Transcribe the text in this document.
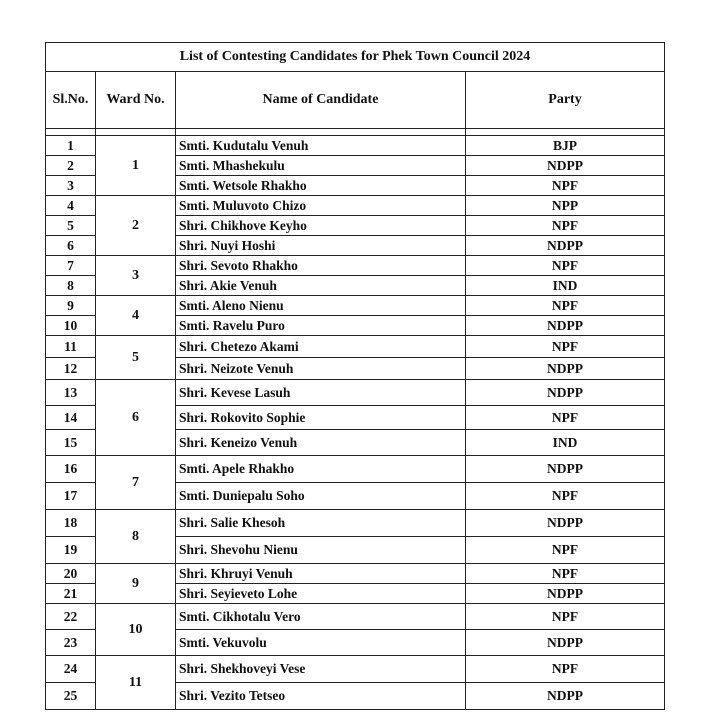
List of Contesting Candidates for Phek Town Council 2024			
Sl.No.	Ward No.	Name of Candidate	Party

1	1	Smti. Kudutalu Venuh	BJP
2		Smti. Mhashekulu	NDPP
3		Smti. Wetsole Rhakho	NPF
4	2	Smti. Muluvoto Chizo	NPP
5		Shri. Chikhove Keyho	NPF
6		Shri. Nuyi Hoshi	NDPP
7	3	Shri. Sevoto Rhakho	NPF
8		Shri. Akie Venuh	IND
9	4	Smti. Aleno Nienu	NPF
10		Smti. Ravelu Puro	NDPP
11	5	Shri. Chetezo Akami	NPF
12		Shri. Neizote Venuh	NDPP
13	6	Shri. Kevese Lasuh	NDPP
14		Shri. Rokovito Sophie	NPF
15		Shri. Keneizo Venuh	IND
16	7	Smti. Apele Rhakho	NDPP
17		Smti. Duniepalu Soho	NPF
18	8	Shri. Salie Khesoh	NDPP
19		Shri. Shevohu Nienu	NPF
20	9	Shri. Khruyi Venuh	NPF
21		Shri. Seyieveto Lohe	NDPP
22	10	Smti. Cikhotalu Vero	NPF
23		Smti. Vekuvolu	NDPP
24	11	Shri. Shekhoveyi Vese	NPF
25		Shri. Vezito Tetseo	NDPP
